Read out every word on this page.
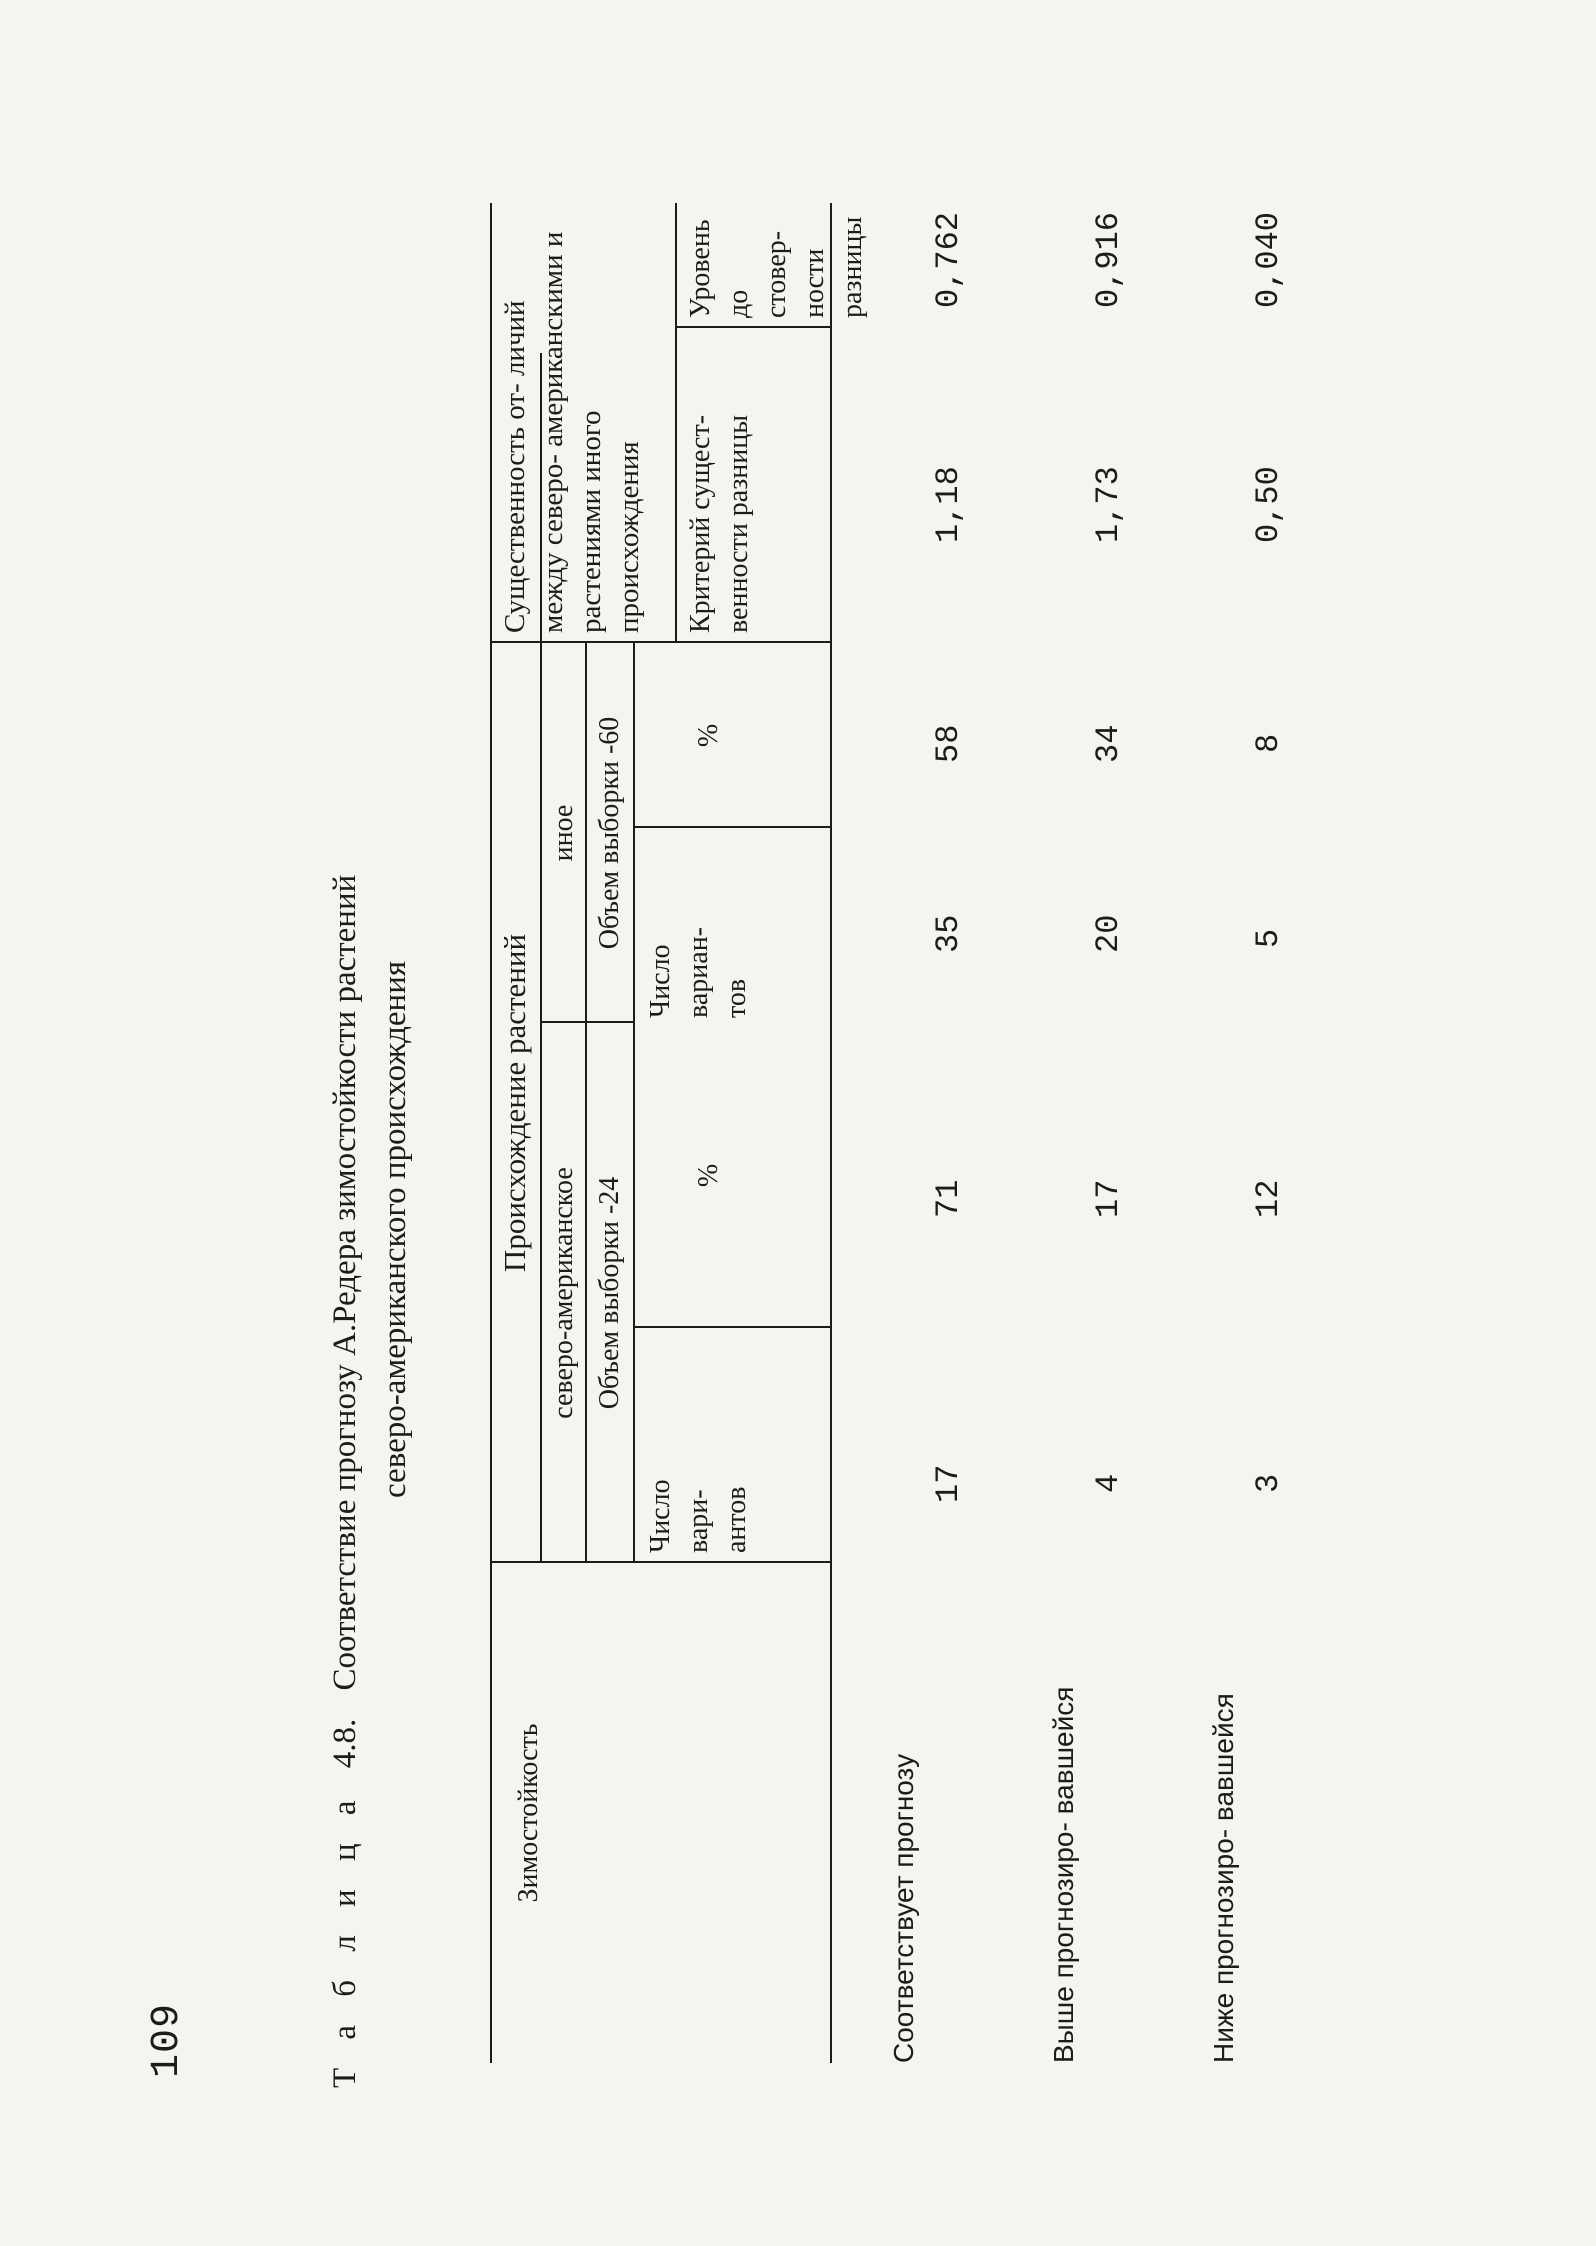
109	Т а б л и ц а 4.8. Соответствие прогнозу А.Редера зимостойкости растений северо-американского происхождения
Зимостойкость
Происхождение растений
северо-американское
иное
Объем выборки -24
Объем выборки -60
Число вари- антов
%
Число вариан- тов
%
Существенность от- личий между северо- американскими и растениями иного происхождения Критерий сущест- венности разницы
Уровень до стовер- ности разницы
Соответствует прогнозу
17
71
35
58
1,18
0,762
Выше прогнозиро- вавшейся
4
17
20
34
1,73
0,916
Ниже прогнозиро- вавшейся
3
12
5
8
0,50
0,040
